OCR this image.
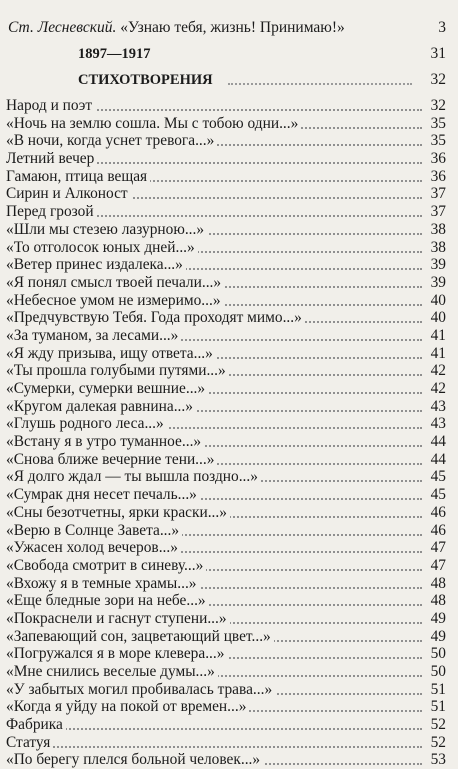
Ст. Лесневский. «Узнаю тебя, жизнь! Принимаю!»	3
1897—1917	31
СТИХОТВОРЕНИЯ	32
Народ и поэт	32
«Ночь на землю сошла. Мы с тобою одни...»	35
«В ночи, когда уснет тревога...»	35
Летний вечер	36
Гамаюн, птица вещая	36
Сирин и Алконост	37
Перед грозой	37
«Шли мы стезею лазурною...»	38
«То отголосок юных дней...»	38
«Ветер принес издалека...»	39
«Я понял смысл твоей печали...»	39
«Небесное умом не измеримо...»	40
«Предчувствую Тебя. Года проходят мимо...»	40
«За туманом, за лесами...»	41
«Я жду призыва, ищу ответа...»	41
«Ты прошла голубыми путями...»	42
«Сумерки, сумерки вешние...»	42
«Кругом далекая равнина...»	43
«Глушь родного леса...»	43
«Встану я в утро туманное...»	44
«Снова ближе вечерние тени...»	44
«Я долго ждал — ты вышла поздно...»	45
«Сумрак дня несет печаль...»	45
«Сны безотчетны, ярки краски...»	46
«Верю в Солнце Завета...»	46
«Ужасен холод вечеров...»	47
«Свобода смотрит в синеву...»	47
«Вхожу я в темные храмы...»	48
«Еще бледные зори на небе...»	48
«Покраснели и гаснут ступени...»	49
«Запевающий сон, зацветающий цвет...»	49
«Погружался я в море клевера...»	50
«Мне снились веселые думы...»	50
«У забытых могил пробивалась трава...»	51
«Когда я уйду на покой от времен...»	51
Фабрика	52
Статуя	52
«По берегу плелся больной человек...»	53
